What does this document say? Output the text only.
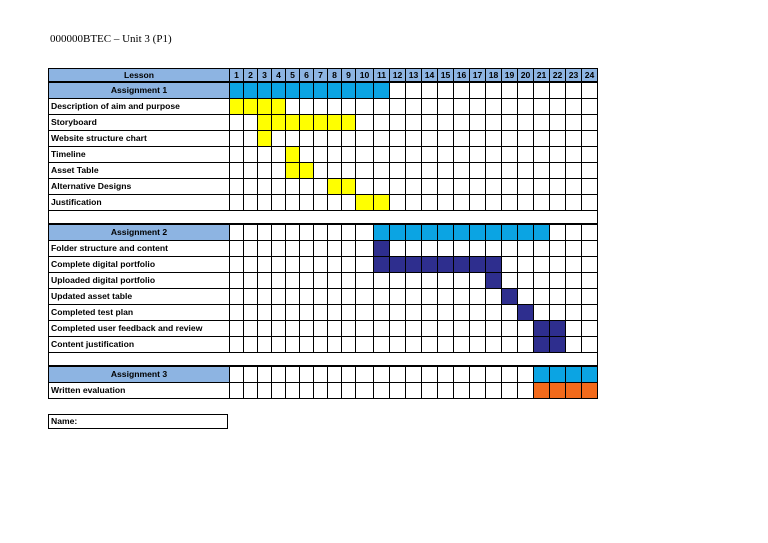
000000BTEC – Unit 3 (P1)
Lesson	1	2	3	4	5	6	7	8	9	10 11 12 13 14 15 16 17 18 19 20 21 22 23 24
Assignment 1
Description of aim and purpose
Storyboard
Website structure chart
Timeline
Asset Table
Alternative Designs
Justification
Assignment 2
Folder structure and content
Complete digital portfolio
Uploaded digital portfolio
Updated asset table
Completed test plan
Completed user feedback and review
Content justification
Assignment 3
Written evaluation
Name:
